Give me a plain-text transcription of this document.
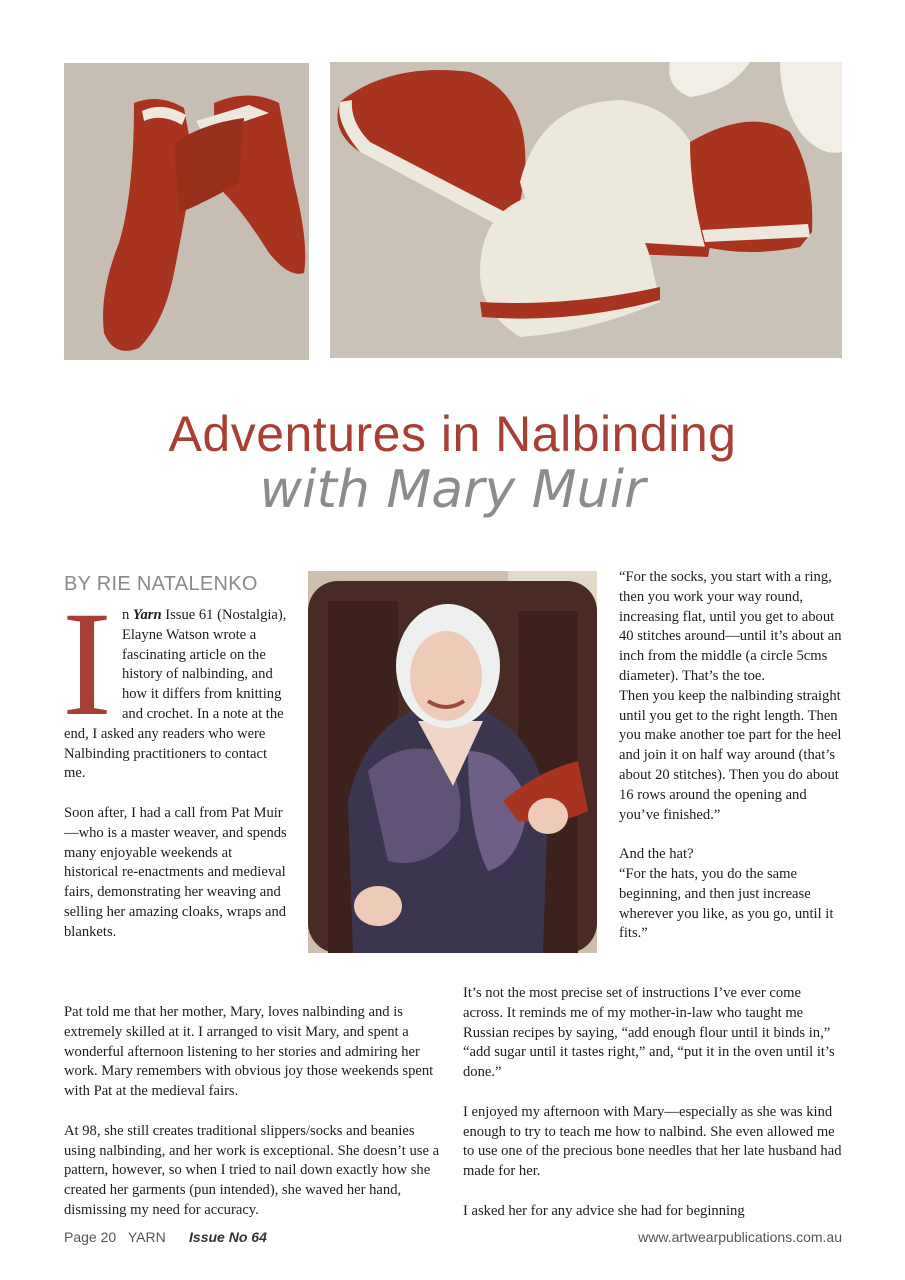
Adventures in Nalbinding
with Mary Muir
BY RIE NATALENKO

In Yarn Issue 61 (Nostalgia), Elayne Watson wrote a fascinating article on the history of nalbinding, and how it differs from knitting and crochet. In a note at the end, I asked any readers who were Nalbinding practitioners to contact me.

Soon after, I had a call from Pat Muir—who is a master weaver, and spends many enjoyable weekends at historical re-enactments and medieval fairs, demonstrating her weaving and selling her amazing cloaks, wraps and blankets.

Pat told me that her mother, Mary, loves nalbinding and is extremely skilled at it. I arranged to visit Mary, and spent a wonderful afternoon listening to her stories and admiring her work. Mary remembers with obvious joy those weekends spent with Pat at the medieval fairs.

At 98, she still creates traditional slippers/socks and beanies using nalbinding, and her work is exceptional. She doesn’t use a pattern, however, so when I tried to nail down exactly how she created her garments (pun intended), she waved her hand, dismissing my need for accuracy.

“For the socks, you start with a ring, then you work your way round, increasing flat, until you get to about 40 stitches around—until it’s about an inch from the middle (a circle 5cms diameter). That’s the toe.

Then you keep the nalbinding straight until you get to the right length. Then you make another toe part for the heel and join it on half way around (that’s about 20 stitches). Then you do about 16 rows around the opening and you’ve finished.”

And the hat?

“For the hats, you do the same beginning, and then just increase wherever you like, as you go, until it fits.”

It’s not the most precise set of instructions I’ve ever come across. It reminds me of my mother-in-law who taught me Russian recipes by saying, “add enough flour until it binds in,” “add sugar until it tastes right,” and, “put it in the oven until it’s done.”

I enjoyed my afternoon with Mary—especially as she was kind enough to try to teach me how to nalbind. She even allowed me to use one of the precious bone needles that her late husband had made for her.

I asked her for any advice she had for beginning

Page 20 YARN Issue No 64	www.artwearpublications.com.au
